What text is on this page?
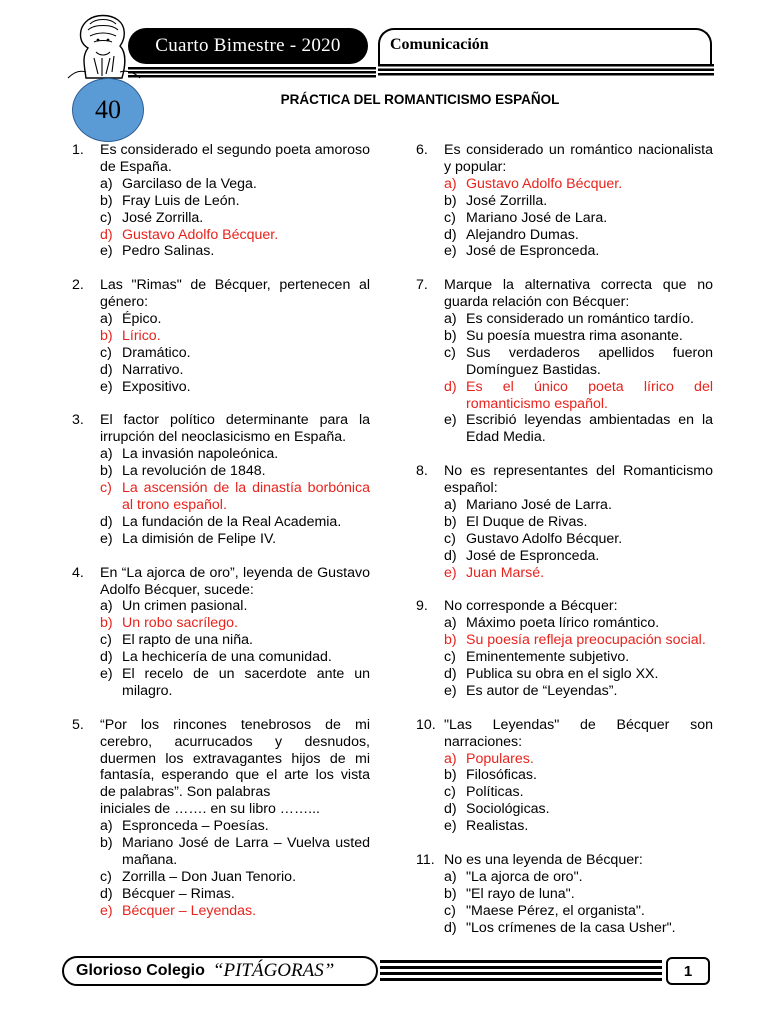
Cuarto Bimestre - 2020	Comunicación
40	PRÁCTICA DEL ROMANTICISMO ESPAÑOL
1.	Es considerado el segundo poeta amoroso de España.
a) Garcilaso de la Vega.
b) Fray Luis de León.
c) José Zorrilla.
d) Gustavo Adolfo Bécquer.
e) Pedro Salinas.
2.	Las "Rimas" de Bécquer, pertenecen al género:
a) Épico.
b) Lírico.
c) Dramático.
d) Narrativo.
e) Expositivo.
3.	El factor político determinante para la irrupción del neoclasicismo en España.
a) La invasión napoleónica.
b) La revolución de 1848.
c) La ascensión de la dinastía borbónica al trono español.
d) La fundación de la Real Academia.
e) La dimisión de Felipe IV.
4.	En “La ajorca de oro”, leyenda de Gustavo Adolfo Bécquer, sucede:
a) Un crimen pasional.
b) Un robo sacrílego.
c) El rapto de una niña.
d) La hechicería de una comunidad.
e) El recelo de un sacerdote ante un milagro.
5.	“Por los rincones tenebrosos de mi cerebro, acurrucados y desnudos, duermen los extravagantes hijos de mi fantasía, esperando que el arte los vista de palabras”. Son palabras
iniciales de ……. en su libro ……...
a) Espronceda – Poesías.
b) Mariano José de Larra – Vuelva usted mañana.
c) Zorrilla – Don Juan Tenorio.
d) Bécquer – Rimas.
e) Bécquer – Leyendas.
6.	Es considerado un romántico nacionalista y popular:
a) Gustavo Adolfo Bécquer.
b) José Zorrilla.
c) Mariano José de Lara.
d) Alejandro Dumas.
e) José de Espronceda.
7.	Marque la alternativa correcta que no guarda relación con Bécquer:
a) Es considerado un romántico tardío.
b) Su poesía muestra rima asonante.
c) Sus verdaderos apellidos fueron Domínguez Bastidas.
d) Es el único poeta lírico del romanticismo español.
e) Escribió leyendas ambientadas en la Edad Media.
8.	No es representantes del Romanticismo español:
a) Mariano José de Larra.
b) El Duque de Rivas.
c) Gustavo Adolfo Bécquer.
d) José de Espronceda.
e) Juan Marsé.
9.	No corresponde a Bécquer:
a) Máximo poeta lírico romántico.
b) Su poesía refleja preocupación social.
c) Eminentemente subjetivo.
d) Publica su obra en el siglo XX.
e) Es autor de “Leyendas”.
10. "Las Leyendas" de Bécquer son narraciones:
a) Populares.
b) Filosóficas.
c) Políticas.
d) Sociológicas.
e) Realistas.
11. No es una leyenda de Bécquer:
a) "La ajorca de oro".
b) "El rayo de luna".
c) "Maese Pérez, el organista".
d) "Los crímenes de la casa Usher".
Glorioso Colegio “PITÁGORAS”	1
